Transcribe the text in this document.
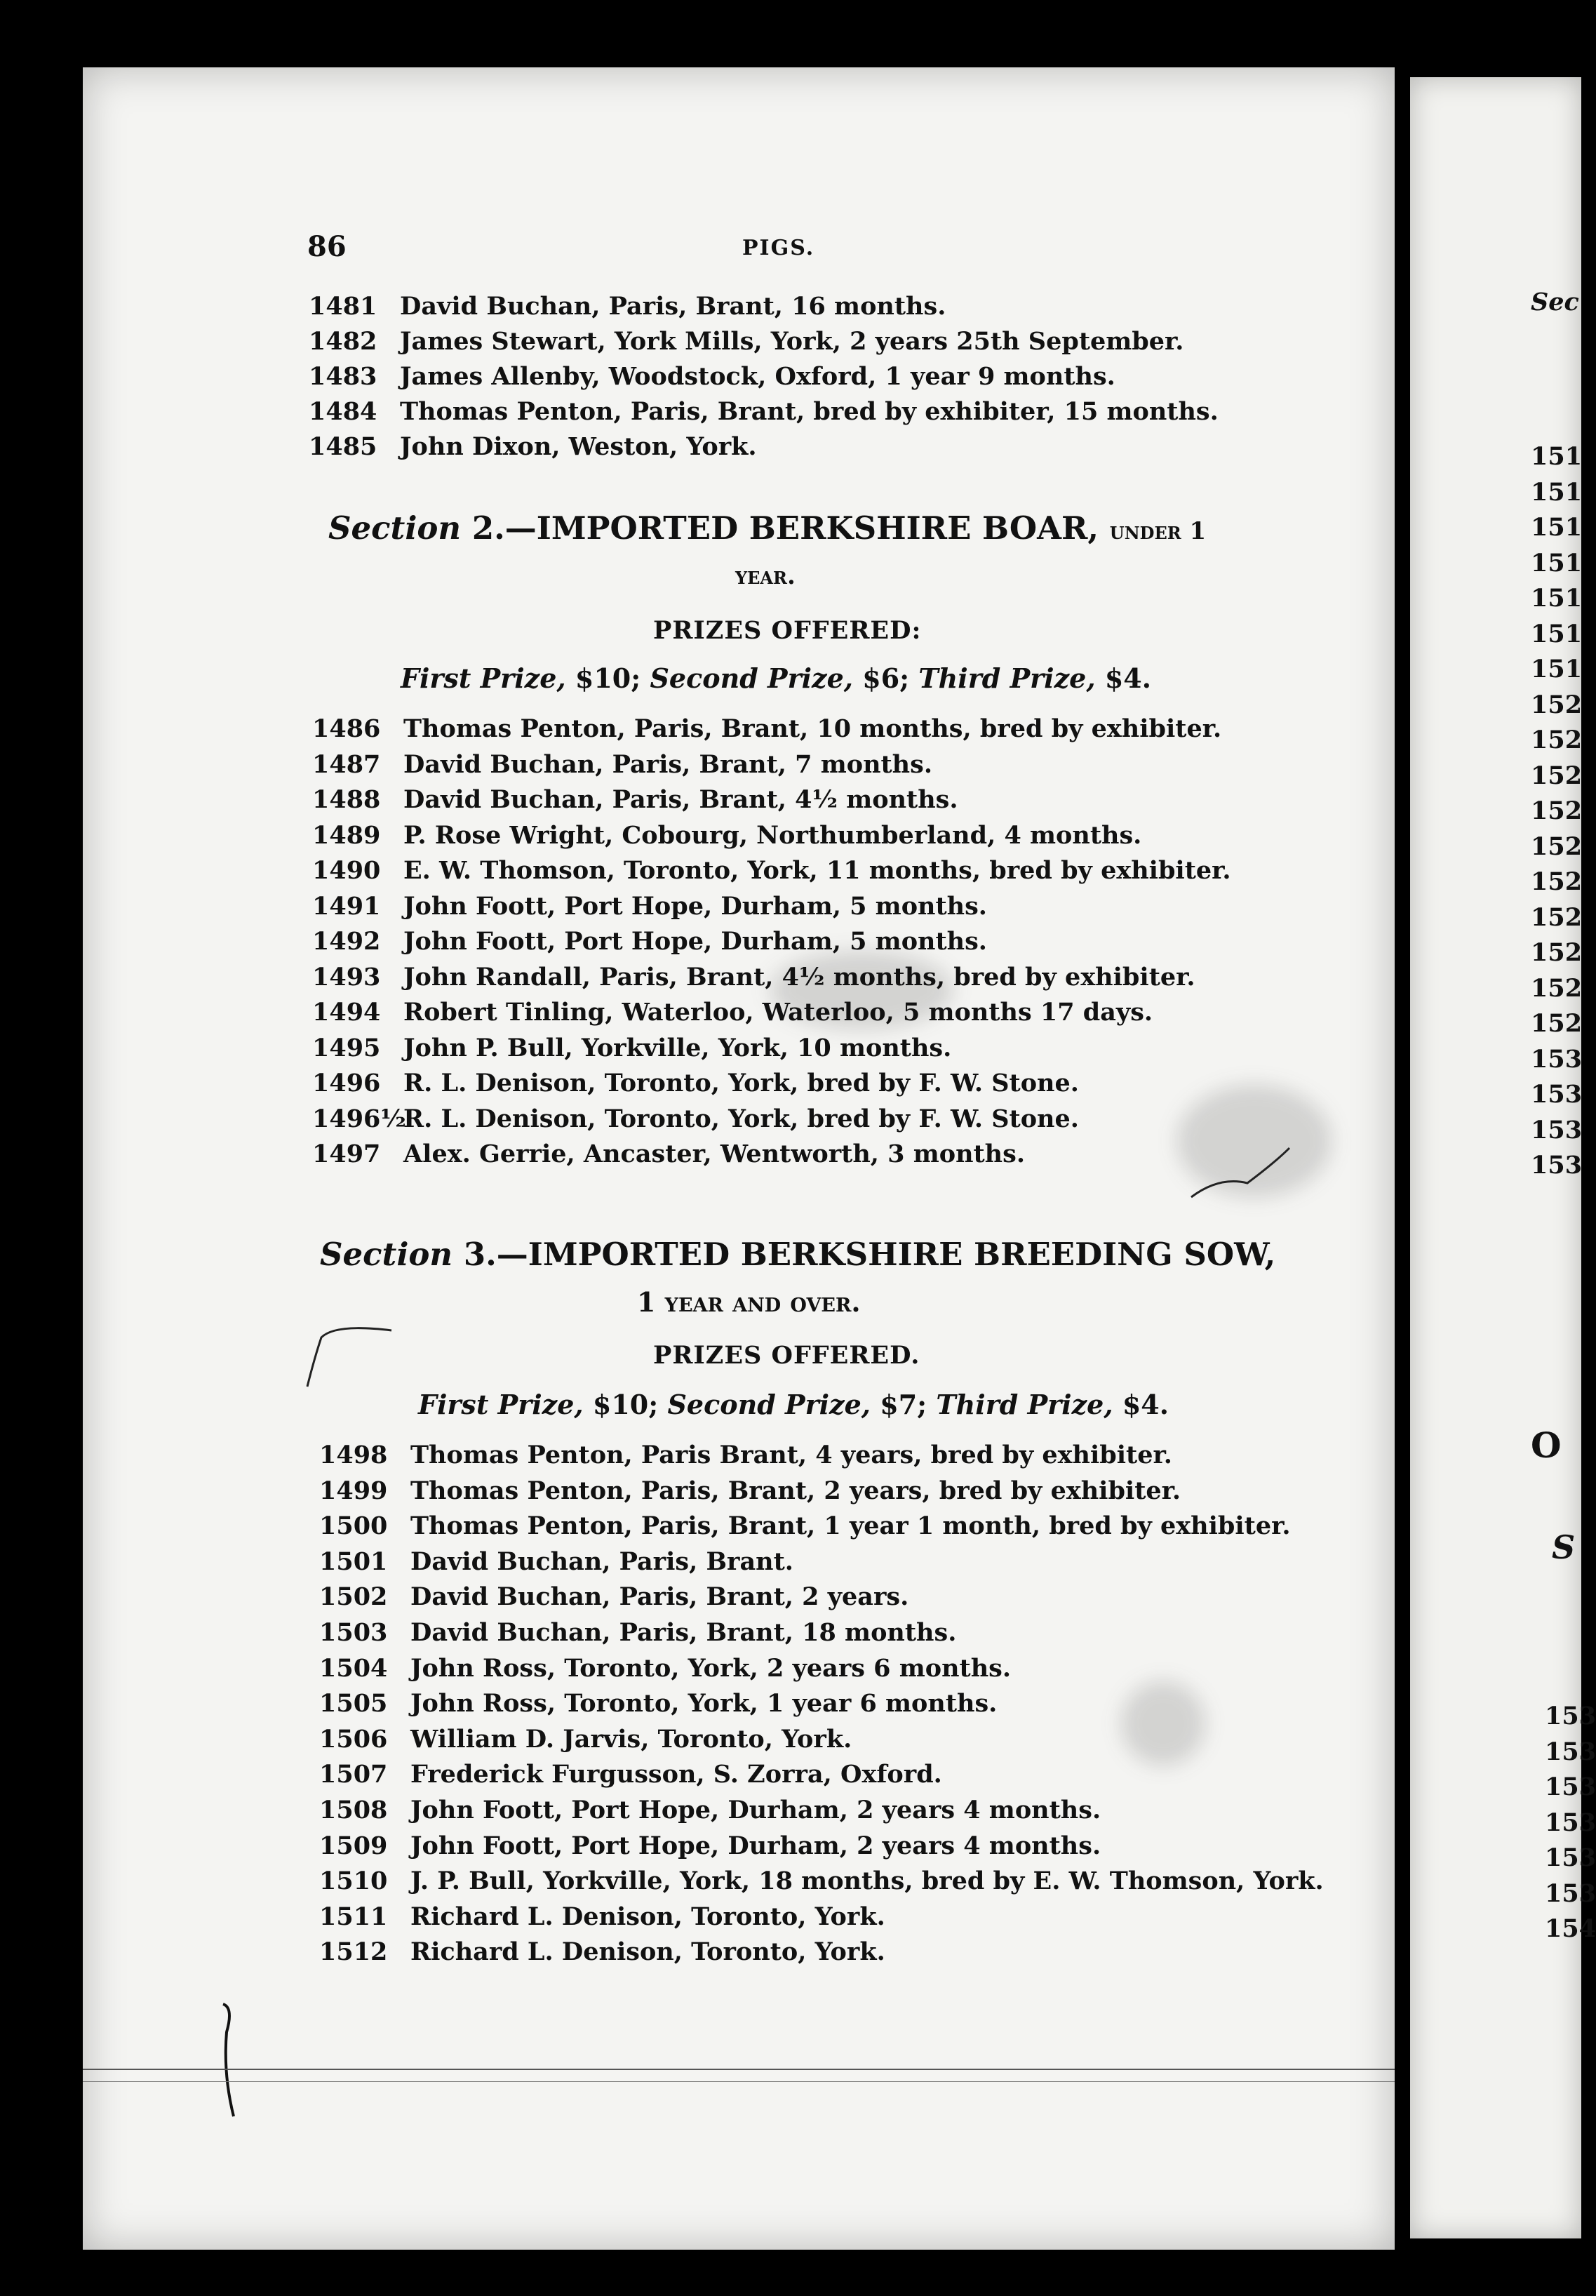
86	PIGS.
1481 David Buchan, Paris, Brant, 16 months.
1482 James Stewart, York Mills, York, 2 years 25th September.
1483 James Allenby, Woodstock, Oxford, 1 year 9 months.
1484 Thomas Penton, Paris, Brant, bred by exhibiter, 15 months.
1485 John Dixon, Weston, York.
Section 2.—IMPORTED BERKSHIRE BOAR, under 1
year.
PRIZES OFFERED:
First Prize, $10; Second Prize, $6; Third Prize, $4.
1486 Thomas Penton, Paris, Brant, 10 months, bred by exhibiter.
1487 David Buchan, Paris, Brant, 7 months.
1488 David Buchan, Paris, Brant, 4½ months.
1489 P. Rose Wright, Cobourg, Northumberland, 4 months.
1490 E. W. Thomson, Toronto, York, 11 months, bred by exhibiter.
1491 John Foott, Port Hope, Durham, 5 months.
1492 John Foott, Port Hope, Durham, 5 months.
1493 John Randall, Paris, Brant, 4½ months, bred by exhibiter.
1494 Robert Tinling, Waterloo, Waterloo, 5 months 17 days.
1495 John P. Bull, Yorkville, York, 10 months.
1496 R. L. Denison, Toronto, York, bred by F. W. Stone.
1496½R. L. Denison, Toronto, York, bred by F. W. Stone.
1497 Alex. Gerrie, Ancaster, Wentworth, 3 months.
Section 3.—IMPORTED BERKSHIRE BREEDING SOW,
1 year and over.
PRIZES OFFERED.
First Prize, $10; Second Prize, $7; Third Prize, $4.
1498 Thomas Penton, Paris Brant, 4 years, bred by exhibiter.
1499 Thomas Penton, Paris, Brant, 2 years, bred by exhibiter.
1500 Thomas Penton, Paris, Brant, 1 year 1 month, bred by exhibiter.
1501 David Buchan, Paris, Brant.
1502 David Buchan, Paris, Brant, 2 years.
1503 David Buchan, Paris, Brant, 18 months.
1504 John Ross, Toronto, York, 2 years 6 months.
1505 John Ross, Toronto, York, 1 year 6 months.
1506 William D. Jarvis, Toronto, York.
1507 Frederick Furgusson, S. Zorra, Oxford.
1508 John Foott, Port Hope, Durham, 2 years 4 months.
1509 John Foott, Port Hope, Durham, 2 years 4 months.
1510 J. P. Bull, Yorkville, York, 18 months, bred by E. W. Thomson, York.
1511 Richard L. Denison, Toronto, York.
1512 Richard L. Denison, Toronto, York.
Sec
151
151
151
151
151
151
151
152
152
152
152
152
152
152
152
152
152
153
153
153
153
O
S
153
153
153
153
153
153
154
